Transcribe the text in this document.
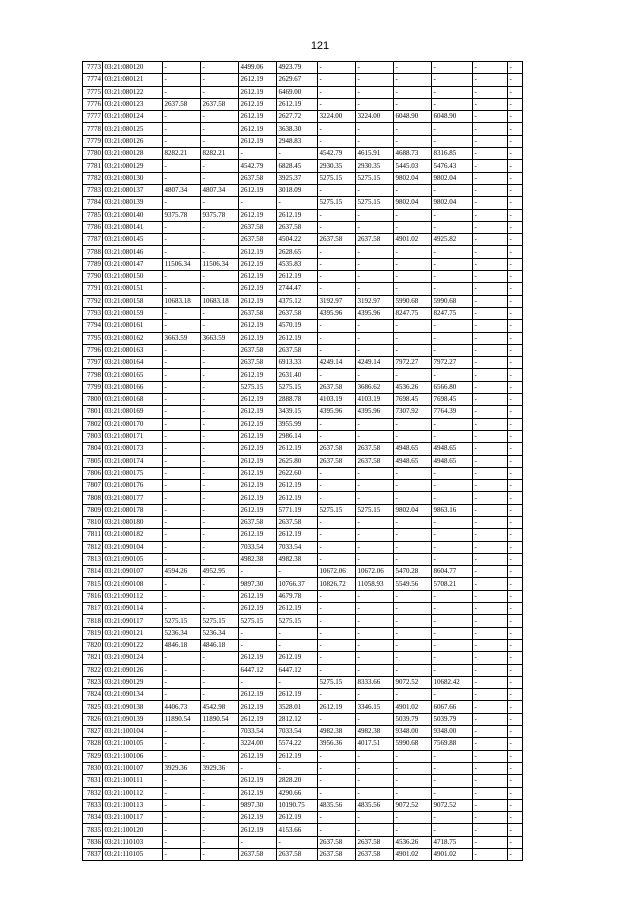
121
7773	03:21:080120	-	-	4499.06	4923.79	-	-	-	-	-	-
7774	03:21:080121	-	-	2612.19	2629.67	-	-	-	-	-	-
7775	03:21:080122	-	-	2612.19	6469.00	-	-	-	-	-	-
7776	03:21:080123	2637.58	2637.58	2612.19	2612.19	-	-	-	-	-	-
7777	03:21:080124	-	-	2612.19	2627.72	3224.00	3224.00	6048.90	6048.90	-	-
7778	03:21:080125	-	-	2612.19	3638.30	-	-	-	-	-	-
7779	03:21:080126	-	-	2612.19	2948.83	-	-	-	-	-	-
7780	03:21:080128	8282.21	8282.21	-	-	4542.79	4615.91	4688.73	8316.85	-	-
7781	03:21:080129	-	-	4542.79	6828.45	2930.35	2930.35	5445.03	5476.43	-	-
7782	03:21:080130	-	-	2637.58	3925.37	5275.15	5275.15	9802.04	9802.04	-	-
7783	03:21:080137	4807.34	4807.34	2612.19	3018.09	-	-	-	-	-	-
7784	03:21:080139	-	-	-	-	5275.15	5275.15	9802.04	9802.04	-	-
7785	03:21:080140	9375.78	9375.78	2612.19	2612.19	-	-	-	-	-	-
7786	03:21:080141	-	-	2637.58	2637.58	-	-	-	-	-	-
7787	03:21:080145	-	-	2637.58	4504.22	2637.58	2637.58	4901.02	4925.82	-	-
7788	03:21:080146	-	-	2612.19	2628.65	-	-	-	-	-	-
7789	03:21:080147	11506.34	11506.34	2612.19	4535.83	-	-	-	-	-	-
7790	03:21:080150	-	-	2612.19	2612.19	-	-	-	-	-	-
7791	03:21:080151	-	-	2612.19	2744.47	-	-	-	-	-	-
7792	03:21:080158	10683.18	10683.18	2612.19	4375.12	3192.97	3192.97	5990.68	5990.68	-	-
7793	03:21:080159	-	-	2637.58	2637.58	4395.96	4395.96	8247.75	8247.75	-	-
7794	03:21:080161	-	-	2612.19	4570.19	-	-	-	-	-	-
7795	03:21:080162	3663.59	3663.59	2612.19	2612.19	-	-	-	-	-	-
7796	03:21:080163	-	-	2637.58	2637.58	-	-	-	-	-	-
7797	03:21:080164	-	-	2637.58	6913.33	4249.14	4249.14	7972.27	7972.27	-	-
7798	03:21:080165	-	-	2612.19	2631.40	-	-	-	-	-	-
7799	03:21:080166	-	-	5275.15	5275.15	2637.58	3686.62	4536.26	6566.80	-	-
7800	03:21:080168	-	-	2612.19	2888.78	4103.19	4103.19	7698.45	7698.45	-	-
7801	03:21:080169	-	-	2612.19	3439.15	4395.96	4395.96	7307.92	7764.39	-	-
7802	03:21:080170	-	-	2612.19	3955.99	-	-	-	-	-	-
7803	03:21:080171	-	-	2612.19	2986.14	-	-	-	-	-	-
7804	03:21:080173	-	-	2612.19	2612.19	2637.58	2637.58	4948.65	4948.65	-	-
7805	03:21:080174	-	-	2612.19	2625.80	2637.58	2637.58	4948.65	4948.65	-	-
7806	03:21:080175	-	-	2612.19	2622.60	-	-	-	-	-	-
7807	03:21:080176	-	-	2612.19	2612.19	-	-	-	-	-	-
7808	03:21:080177	-	-	2612.19	2612.19	-	-	-	-	-	-
7809	03:21:080178	-	-	2612.19	5771.19	5275.15	5275.15	9802.04	9863.16	-	-
7810	03:21:080180	-	-	2637.58	2637.58	-	-	-	-	-	-
7811	03:21:080182	-	-	2612.19	2612.19	-	-	-	-	-	-
7812	03:21:090104	-	-	7033.54	7033.54	-	-	-	-	-	-
7813	03:21:090105	-	-	4982.38	4982.38	-	-	-	-	-	-
7814	03:21:090107	4594.26	4952.95	-	-	10672.06	10672.06	5470.28	8604.77	-	-
7815	03:21:090108	-	-	9897.30	10766.37	10826.72	11058.93	5549.56	5708.21	-	-
7816	03:21:090112	-	-	2612.19	4679.78	-	-	-	-	-	-
7817	03:21:090114	-	-	2612.19	2612.19	-	-	-	-	-	-
7818	03:21:090117	5275.15	5275.15	5275.15	5275.15	-	-	-	-	-	-
7819	03:21:090121	5236.34	5236.34	-	-	-	-	-	-	-	-
7820	03:21:090122	4846.18	4846.18	-	-	-	-	-	-	-	-
7821	03:21:090124	-	-	2612.19	2612.19	-	-	-	-	-	-
7822	03:21:090126	-	-	6447.12	6447.12	-	-	-	-	-	-
7823	03:21:090129	-	-	-	-	5275.15	8333.66	9072.52	10682.42	-	-
7824	03:21:090134	-	-	2612.19	2612.19	-	-	-	-	-	-
7825	03:21:090138	4406.73	4542.98	2612.19	3528.01	2612.19	3346.15	4901.02	6067.66	-	-
7826	03:21:090139	11890.54	11890.54	2612.19	2812.12	-	-	5039.79	5039.79	-	-
7827	03:21:100104	-	-	7033.54	7033.54	4982.38	4982.38	9348.00	9348.00	-	-
7828	03:21:100105	-	-	3224.00	5574.22	3956.36	4017.51	5990.68	7569.88	-	-
7829	03:21:100106	-	-	2612.19	2612.19	-	-	-	-	-	-
7830	03:21:100107	3929.36	3929.36	-	-	-	-	-	-	-	-
7831	03:21:100111	-	-	2612.19	2828.20	-	-	-	-	-	-
7832	03:21:100112	-	-	2612.19	4290.66	-	-	-	-	-	-
7833	03:21:100113	-	-	9897.30	10190.75	4835.56	4835.56	9072.52	9072.52	-	-
7834	03:21:100117	-	-	2612.19	2612.19	-	-	-	-	-	-
7835	03:21:100120	-	-	2612.19	4153.66	-	-	-	-	-	-
7836	03:21:110103	-	-	-	-	2637.58	2637.58	4536.26	4718.75	-	-
7837	03:21:110105	-	-	2637.58	2637.58	2637.58	2637.58	4901.02	4901.02	-	-
